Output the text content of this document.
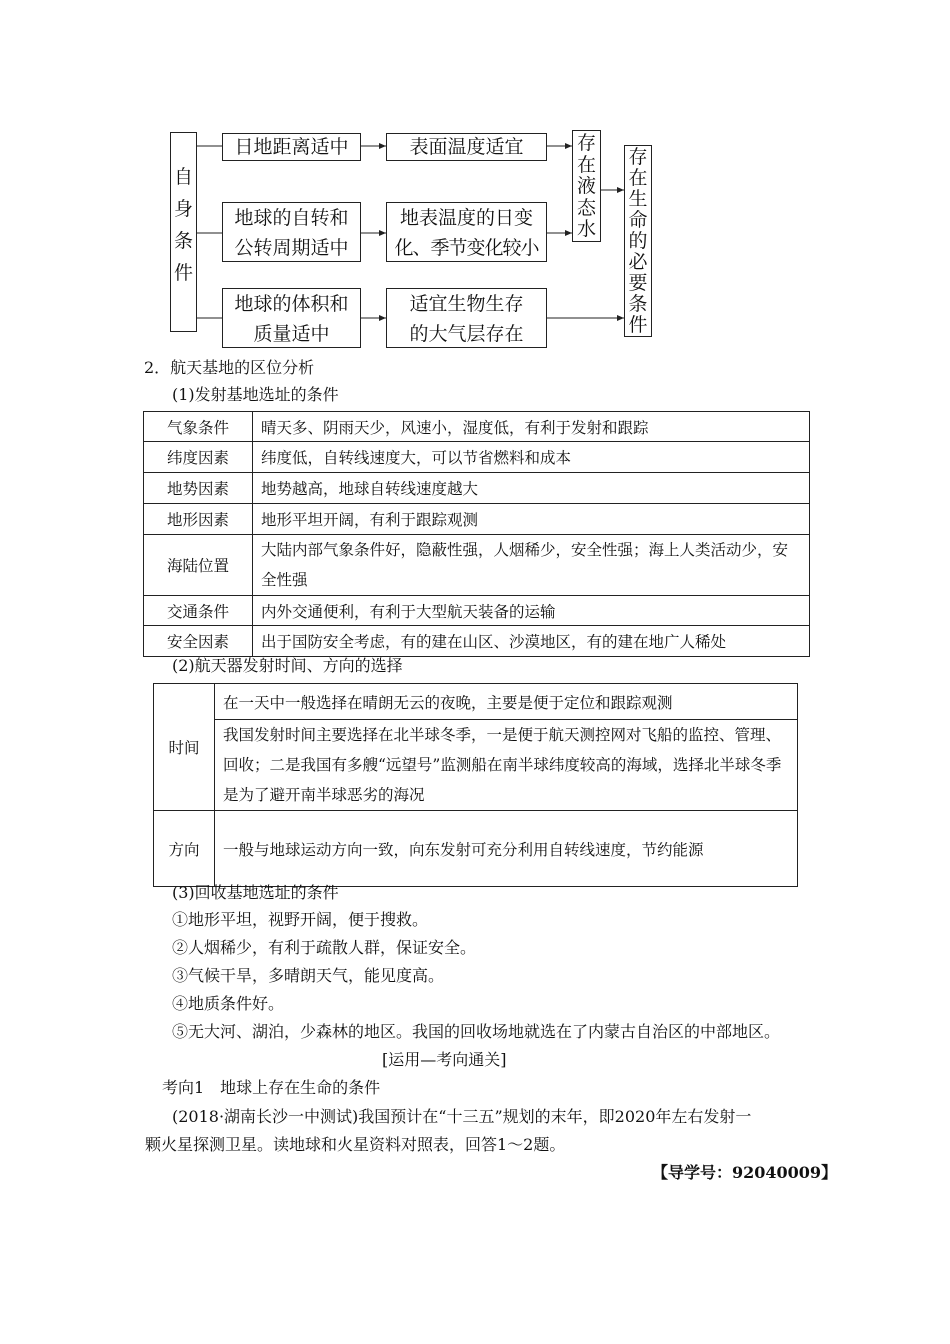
自
身
条
件
日地距离适中	表面温度适宜
地球的自转和
公转周期适中
地表温度的日变
化、季节变化较小
地球的体积和
质量适中
适宜生物生存
的大气层存在
存
在
液
态
水
存
在
生
命
的
必
要
条
件
2．航天基地的区位分析
(1)发射基地选址的条件
气象条件	晴天多、阴雨天少，风速小，湿度低，有利于发射和跟踪
纬度因素	纬度低，自转线速度大，可以节省燃料和成本
地势因素	地势越高，地球自转线速度越大
地形因素	地形平坦开阔，有利于跟踪观测
海陆位置	大陆内部气象条件好，隐蔽性强，人烟稀少，安全性强；海上人类活动少，安全性强
交通条件	内外交通便利，有利于大型航天装备的运输
安全因素	出于国防安全考虑，有的建在山区、沙漠地区，有的建在地广人稀处
(2)航天器发射时间、方向的选择
时间	在一天中一般选择在晴朗无云的夜晚，主要是便于定位和跟踪观测
	我国发射时间主要选择在北半球冬季，一是便于航天测控网对飞船的监控、管理、回收；二是我国有多艘“远望号”监测船在南半球纬度较高的海域，选择北半球冬季是为了避开南半球恶劣的海况
方向	一般与地球运动方向一致，向东发射可充分利用自转线速度，节约能源
(3)回收基地选址的条件
①地形平坦，视野开阔，便于搜救。
②人烟稀少，有利于疏散人群，保证安全。
③气候干旱，多晴朗天气，能见度高。
④地质条件好。
⑤无大河、湖泊，少森林的地区。我国的回收场地就选在了内蒙古自治区的中部地区。
[运用—考向通关]
考向1　地球上存在生命的条件
(2018·湖南长沙一中测试)我国预计在“十三五”规划的末年，即2020年左右发射一
颗火星探测卫星。读地球和火星资料对照表，回答1～2题。
【导学号：92040009】
